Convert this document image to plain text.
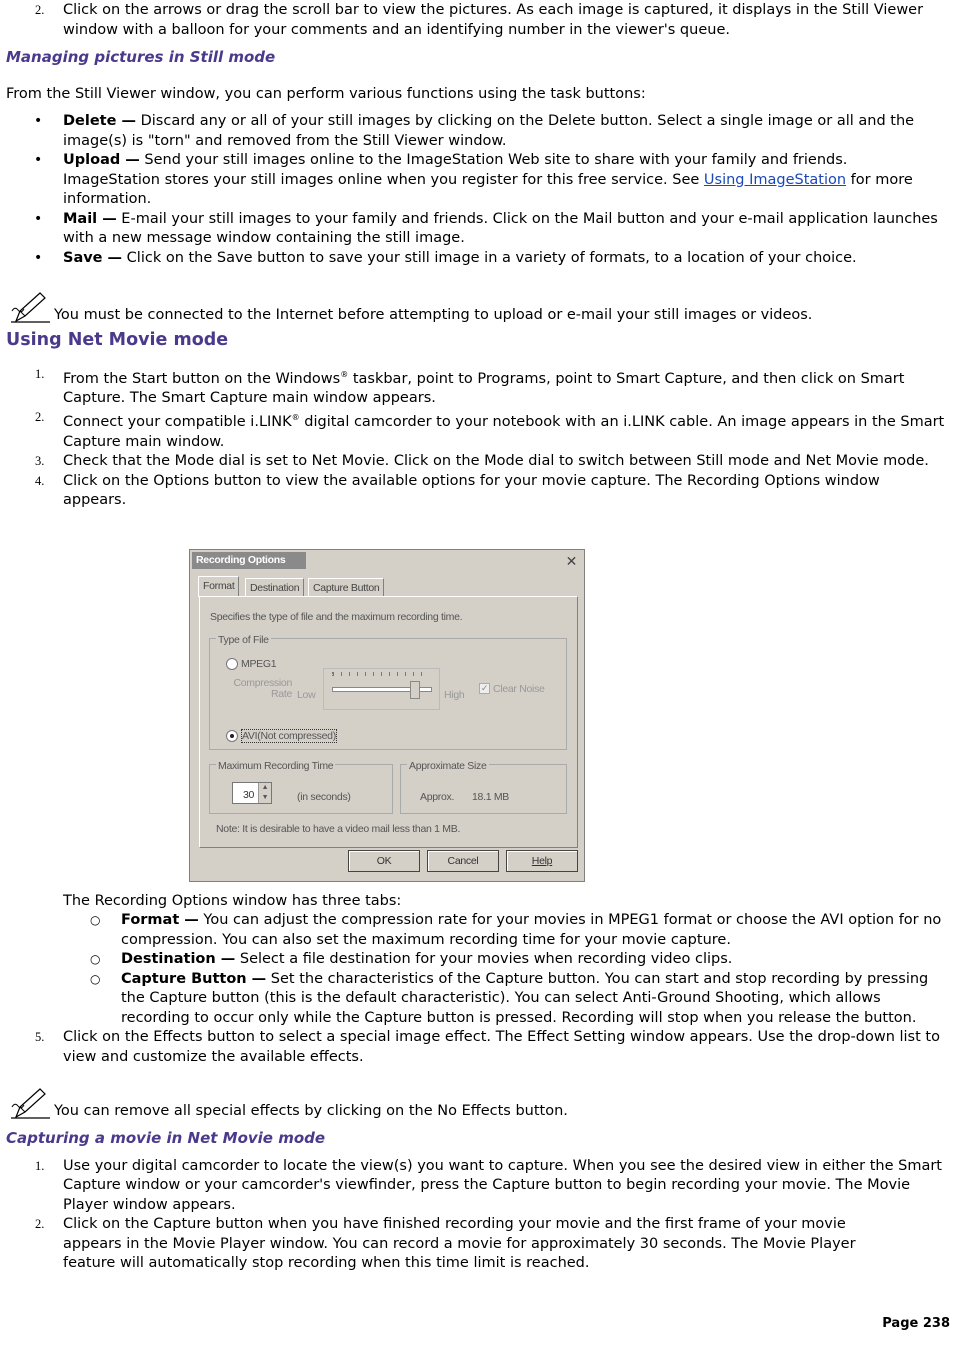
2. Click on the arrows or drag the scroll bar to view the pictures. As each image is captured, it displays in the Still Viewer window with a balloon for your comments and an identifying number in the viewer's queue.
Managing pictures in Still mode

From the Still Viewer window, you can perform various functions using the task buttons:

• Delete — Discard any or all of your still images by clicking on the Delete button. Select a single image or all and the image(s) is "torn" and removed from the Still Viewer window.
• Upload — Send your still images online to the ImageStation Web site to share with your family and friends. ImageStation stores your still images online when you register for this free service. See Using ImageStation for more information.
• Mail — E-mail your still images to your family and friends. Click on the Mail button and your e-mail application launches with a new message window containing the still image.
• Save — Click on the Save button to save your still image in a variety of formats, to a location of your choice.
You must be connected to the Internet before attempting to upload or e-mail your still images or videos.
Using Net Movie mode
1. From the Start button on the Windows® taskbar, point to Programs, point to Smart Capture, and then click on Smart Capture. The Smart Capture main window appears.
2. Connect your compatible i.LINK® digital camcorder to your notebook with an i.LINK cable. An image appears in the Smart Capture main window.
3. Check that the Mode dial is set to Net Movie. Click on the Mode dial to switch between Still mode and Net Movie mode.
4. Click on the Options button to view the available options for your movie capture. The Recording Options window appears.
Recording Options	✕
Format	Destination	Capture Button
Specifies the type of file and the maximum recording time.
Type of File
MPEG1
Compression Rate Low	High
✓ Clear Noise
AVI(Not compressed)
Maximum Recording Time
30
▲
▼	(in seconds)
Approximate Size
Approx. 18.1 MB
Note: It is desirable to have a video mail less than 1 MB.
OK	Cancel	Help
The Recording Options window has three tabs:
○ Format — You can adjust the compression rate for your movies in MPEG1 format or choose the AVI option for no compression. You can also set the maximum recording time for your movie capture.
○ Destination — Select a file destination for your movies when recording video clips.
○ Capture Button — Set the characteristics of the Capture button. You can start and stop recording by pressing the Capture button (this is the default characteristic). You can select Anti-Ground Shooting, which allows recording to occur only while the Capture button is pressed. Recording will stop when you release the button.
5. Click on the Effects button to select a special image effect. The Effect Setting window appears. Use the drop-down list to view and customize the available effects.
You can remove all special effects by clicking on the No Effects button.
Capturing a movie in Net Movie mode
1. Use your digital camcorder to locate the view(s) you want to capture. When you see the desired view in either the Smart Capture window or your camcorder's viewfinder, press the Capture button to begin recording your movie. The Movie Player window appears.
2. Click on the Capture button when you have finished recording your movie and the first frame of your movie appears in the Movie Player window. You can record a movie for approximately 30 seconds. The Movie Player feature will automatically stop recording when this time limit is reached.
Page 238
